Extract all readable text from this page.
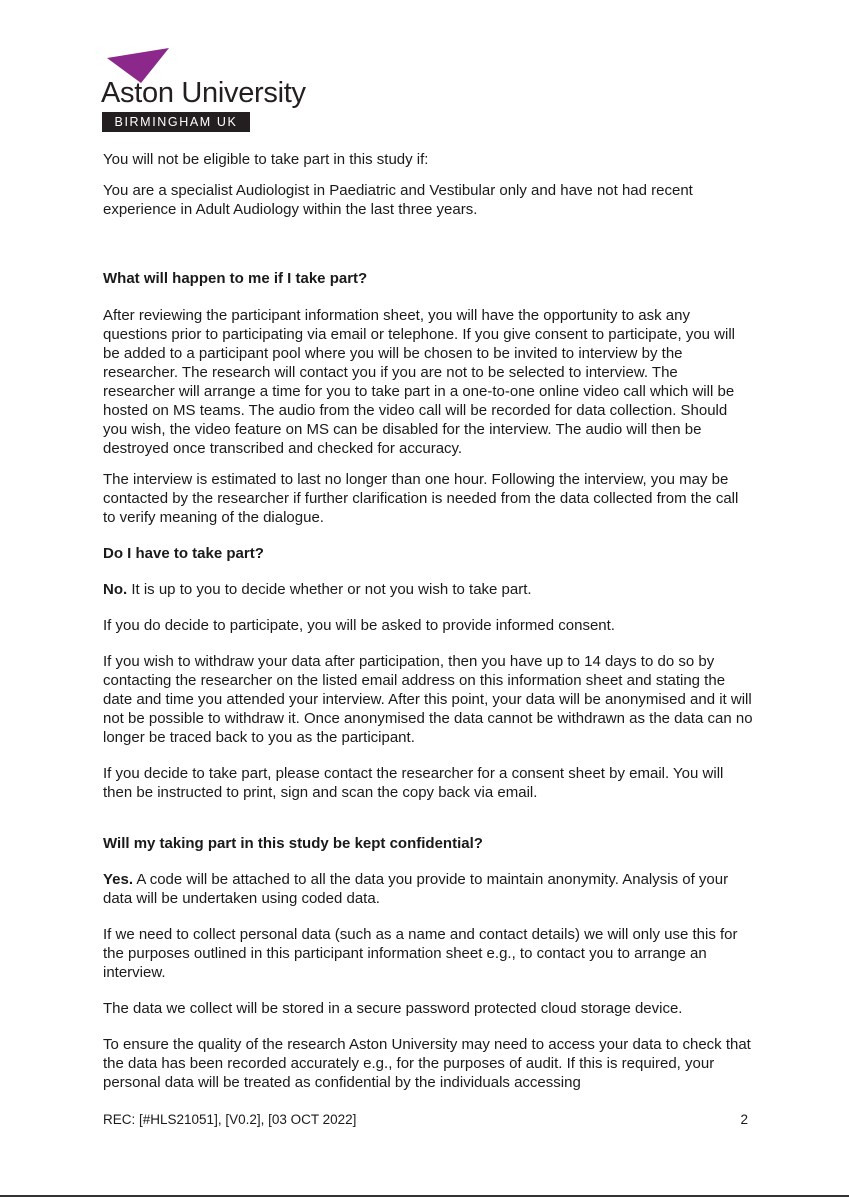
Aston University
BIRMINGHAM UK

You will not be eligible to take part in this study if:

You are a specialist Audiologist in Paediatric and Vestibular only and have not had recent experience in Adult Audiology within the last three years.

What will happen to me if I take part?

After reviewing the participant information sheet, you will have the opportunity to ask any questions prior to participating via email or telephone. If you give consent to participate, you will be added to a participant pool where you will be chosen to be invited to interview by the researcher. The research will contact you if you are not to be selected to interview. The researcher will arrange a time for you to take part in a one-to-one online video call which will be hosted on MS teams. The audio from the video call will be recorded for data collection. Should you wish, the video feature on MS can be disabled for the interview. The audio will then be destroyed once transcribed and checked for accuracy.

The interview is estimated to last no longer than one hour. Following the interview, you may be contacted by the researcher if further clarification is needed from the data collected from the call to verify meaning of the dialogue.

Do I have to take part?

No. It is up to you to decide whether or not you wish to take part.

If you do decide to participate, you will be asked to provide informed consent.

If you wish to withdraw your data after participation, then you have up to 14 days to do so by contacting the researcher on the listed email address on this information sheet and stating the date and time you attended your interview. After this point, your data will be anonymised and it will not be possible to withdraw it. Once anonymised the data cannot be withdrawn as the data can no longer be traced back to you as the participant.

If you decide to take part, please contact the researcher for a consent sheet by email. You will then be instructed to print, sign and scan the copy back via email.

Will my taking part in this study be kept confidential?

Yes. A code will be attached to all the data you provide to maintain anonymity. Analysis of your data will be undertaken using coded data.

If we need to collect personal data (such as a name and contact details) we will only use this for the purposes outlined in this participant information sheet e.g., to contact you to arrange an interview.

The data we collect will be stored in a secure password protected cloud storage device.

To ensure the quality of the research Aston University may need to access your data to check that the data has been recorded accurately e.g., for the purposes of audit. If this is required, your personal data will be treated as confidential by the individuals accessing

REC: [#HLS21051], [V0.2], [03 OCT 2022]	2
